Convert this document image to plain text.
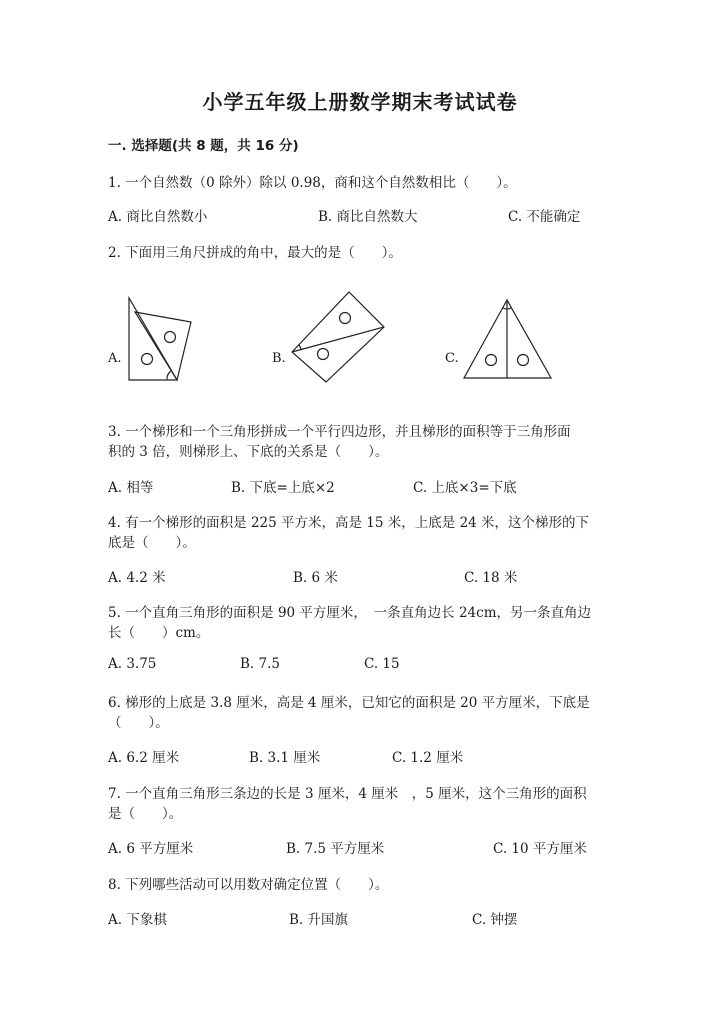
小学五年级上册数学期末考试试卷
一. 选择题(共 8 题，共 16 分)
1. 一个自然数（0 除外）除以 0.98，商和这个自然数相比（　　）。
A. 商比自然数小	B. 商比自然数大	C. 不能确定
2. 下面用三角尺拼成的角中，最大的是（　　）。
A.	B.	C.
3. 一个梯形和一个三角形拼成一个平行四边形，并且梯形的面积等于三角形面
积的 3 倍，则梯形上、下底的关系是（　　）。
A. 相等	B. 下底=上底×2	C. 上底×3=下底
4. 有一个梯形的面积是 225 平方米，高是 15 米，上底是 24 米，这个梯形的下
底是（　　）。
A. 4.2 米	B. 6 米	C. 18 米
5. 一个直角三角形的面积是 90 平方厘米，　一条直角边长 24cm，另一条直角边
长（　　）cm。
A. 3.75	B. 7.5	C. 15
6. 梯形的上底是 3.8 厘米，高是 4 厘米，已知它的面积是 20 平方厘米，下底是
（　　）。
A. 6.2 厘米	B. 3.1 厘米	C. 1.2 厘米
7. 一个直角三角形三条边的长是 3 厘米，4 厘米　，5 厘米，这个三角形的面积
是（　　）。
A. 6 平方厘米	B. 7.5 平方厘米	C. 10 平方厘米
8. 下列哪些活动可以用数对确定位置（　　）。
A. 下象棋	B. 升国旗	C. 钟摆
